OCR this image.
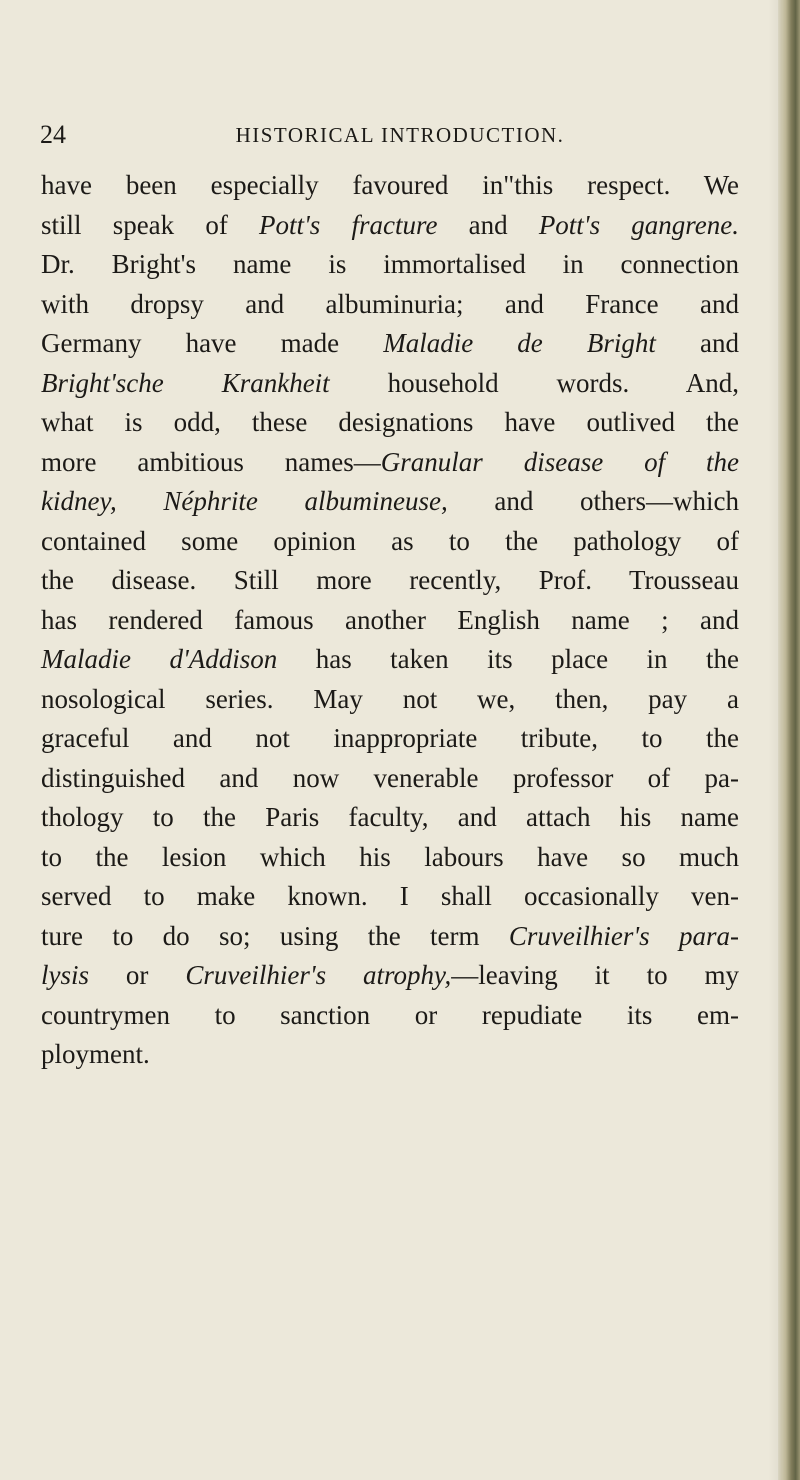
24	HISTORICAL INTRODUCTION.
have been especially favoured in"this respect. We
still speak of Pott's fracture and Pott's gangrene.
Dr. Bright's name is immortalised in connection
with dropsy and albuminuria; and France and
Germany have made Maladie de Bright and
Bright'sche Krankheit household words. And,
what is odd, these designations have outlived the
more ambitious names—Granular disease of the
kidney, Néphrite albumineuse, and others—which
contained some opinion as to the pathology of
the disease. Still more recently, Prof. Trousseau
has rendered famous another English name ; and
Maladie d'Addison has taken its place in the
nosological series. May not we, then, pay a
graceful and not inappropriate tribute, to the
distinguished and now venerable professor of pa-
thology to the Paris faculty, and attach his name
to the lesion which his labours have so much
served to make known. I shall occasionally ven-
ture to do so; using the term Cruveilhier's para-
lysis or Cruveilhier's atrophy,—leaving it to my
countrymen to sanction or repudiate its em-
ployment.
